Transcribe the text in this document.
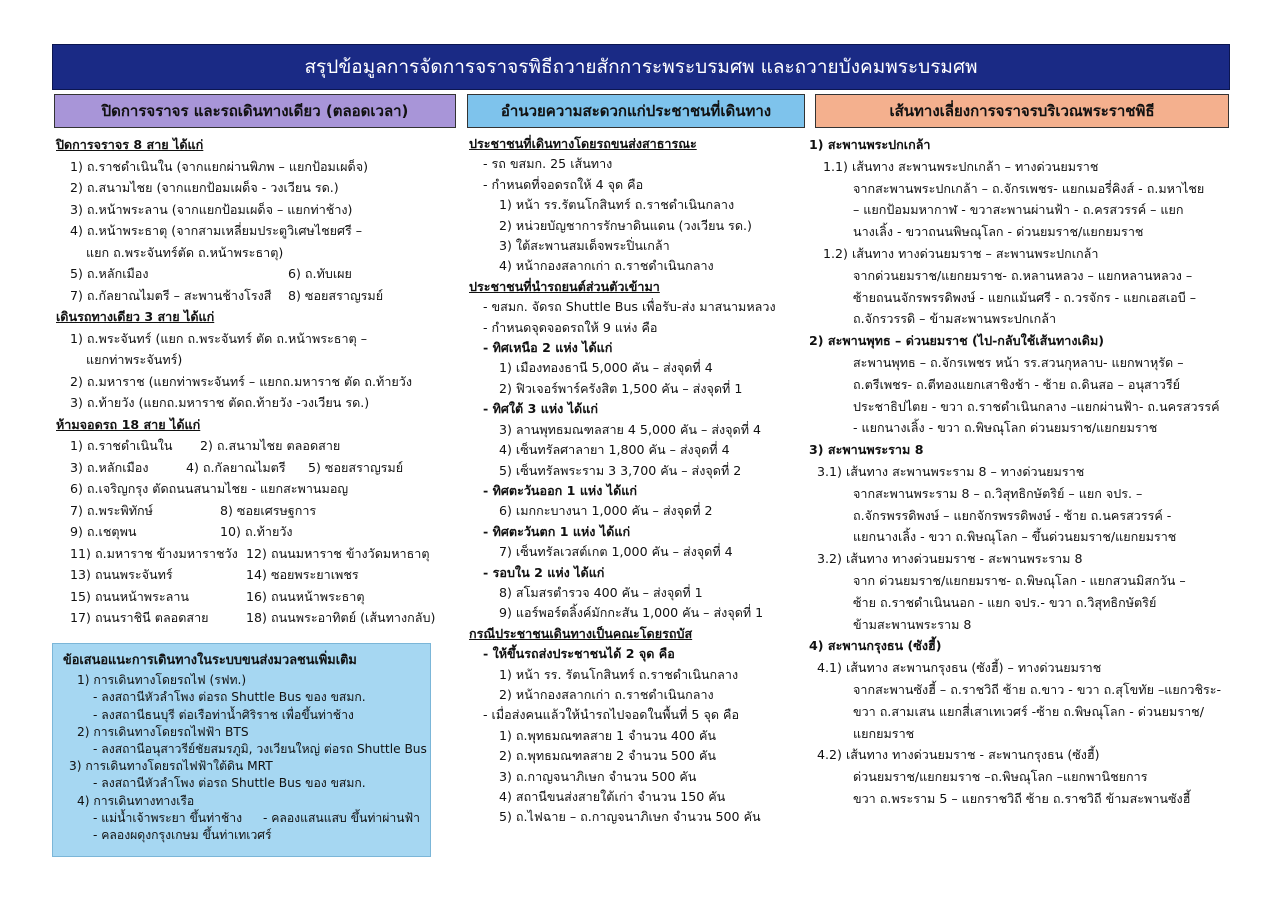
สรุปข้อมูลการจัดการจราจรพิธีถวายสักการะพระบรมศพ และถวายบังคมพระบรมศพ
ปิดการจราจร และรถเดินทางเดียว (ตลอดเวลา)	อำนวยความสะดวกแก่ประชาชนที่เดินทาง	เส้นทางเลี่ยงการจราจรบริเวณพระราชพิธี
ปิดการจราจร 8 สาย ได้แก่
1) ถ.ราชดำเนินใน (จากแยกผ่านพิภพ – แยกป้อมเผด็จ)
2) ถ.สนามไชย (จากแยกป้อมเผด็จ - วงเวียน รด.)
3) ถ.หน้าพระลาน (จากแยกป้อมเผด็จ – แยกท่าช้าง)
4) ถ.หน้าพระธาตุ (จากสามเหลี่ยมประตูวิเศษไชยศรี –
แยก ถ.พระจันทร์ตัด ถ.หน้าพระธาตุ)
5) ถ.หลักเมือง	6) ถ.ทับเผย
7) ถ.กัลยาณไมตรี – สะพานช้างโรงสี	8) ซอยสราญรมย์
เดินรถทางเดียว 3 สาย ได้แก่
1) ถ.พระจันทร์ (แยก ถ.พระจันทร์ ตัด ถ.หน้าพระธาตุ –
แยกท่าพระจันทร์)
2) ถ.มหาราช (แยกท่าพระจันทร์ – แยกถ.มหาราช ตัด ถ.ท้ายวัง
3) ถ.ท้ายวัง (แยกถ.มหาราช ตัดถ.ท้ายวัง -วงเวียน รด.)
ห้ามจอดรถ 18 สาย ได้แก่
1) ถ.ราชดำเนินใน	2) ถ.สนามไชย ตลอดสาย
3) ถ.หลักเมือง	4) ถ.กัลยาณไมตรี	5) ซอยสราญรมย์
6) ถ.เจริญกรุง ตัดถนนสนามไชย - แยกสะพานมอญ
7) ถ.พระพิทักษ์	8) ซอยเศรษฐการ
9) ถ.เชตุพน	10) ถ.ท้ายวัง
11) ถ.มหาราช ข้างมหาราชวัง 12) ถนนมหาราช ข้างวัดมหาธาตุ
13) ถนนพระจันทร์	14) ซอยพระยาเพชร
15) ถนนหน้าพระลาน	16) ถนนหน้าพระธาตุ
17) ถนนราชินี ตลอดสาย	18) ถนนพระอาทิตย์ (เส้นทางกลับ)
ข้อเสนอแนะการเดินทางในระบบขนส่งมวลชนเพิ่มเติม
1) การเดินทางโดยรถไฟ (รฟท.)
- ลงสถานีหัวลำโพง ต่อรถ Shuttle Bus ของ ขสมก.
- ลงสถานีธนบุรี ต่อเรือท่าน้ำศิริราช เพื่อขึ้นท่าช้าง
2) การเดินทางโดยรถไฟฟ้า BTS
- ลงสถานีอนุสาวรีย์ชัยสมรภูมิ, วงเวียนใหญ่ ต่อรถ Shuttle Bus
3) การเดินทางโดยรถไฟฟ้าใต้ดิน MRT
- ลงสถานีหัวลำโพง ต่อรถ Shuttle Bus ของ ขสมก.
4) การเดินทางทางเรือ
- แม่น้ำเจ้าพระยา ขึ้นท่าช้าง	- คลองแสนแสบ ขึ้นท่าผ่านฟ้า
- คลองผดุงกรุงเกษม ขึ้นท่าเทเวศร์
ประชาชนที่เดินทางโดยรถขนส่งสาธารณะ
- รถ ขสมก. 25 เส้นทาง
- กำหนดที่จอดรถให้ 4 จุด คือ
1) หน้า รร.รัตนโกสินทร์ ถ.ราชดำเนินกลาง
2) หน่วยบัญชาการรักษาดินแดน (วงเวียน รด.)
3) ใต้สะพานสมเด็จพระปิ่นเกล้า
4) หน้ากองสลากเก่า ถ.ราชดำเนินกลาง
ประชาชนที่นำรถยนต์ส่วนตัวเข้ามา
- ขสมก. จัดรถ Shuttle Bus เพื่อรับ-ส่ง มาสนามหลวง
- กำหนดจุดจอดรถให้ 9 แห่ง คือ
- ทิศเหนือ 2 แห่ง ได้แก่
1) เมืองทองธานี 5,000 คัน – ส่งจุดที่ 4
2) ฟิวเจอร์พาร์ครังสิต 1,500 คัน – ส่งจุดที่ 1
- ทิศใต้ 3 แห่ง ได้แก่
3) ลานพุทธมณฑลสาย 4 5,000 คัน – ส่งจุดที่ 4
4) เซ็นทรัลศาลายา 1,800 คัน – ส่งจุดที่ 4
5) เซ็นทรัลพระราม 3 3,700 คัน – ส่งจุดที่ 2
- ทิศตะวันออก 1 แห่ง ได้แก่
6) เมกกะบางนา 1,000 คัน – ส่งจุดที่ 2
- ทิศตะวันตก 1 แห่ง ได้แก่
7) เซ็นทรัลเวสต์เกต 1,000 คัน – ส่งจุดที่ 4
- รอบใน 2 แห่ง ได้แก่
8) สโมสรตำรวจ 400 คัน – ส่งจุดที่ 1
9) แอร์พอร์ตลิ้งค์มักกะสัน 1,000 คัน – ส่งจุดที่ 1
กรณีประชาชนเดินทางเป็นคณะโดยรถบัส
- ให้ขึ้นรถส่งประชาชนได้ 2 จุด คือ
1) หน้า รร. รัตนโกสินทร์ ถ.ราชดำเนินกลาง
2) หน้ากองสลากเก่า ถ.ราชดำเนินกลาง
- เมื่อส่งคนแล้วให้นำรถไปจอดในพื้นที่ 5 จุด คือ
1) ถ.พุทธมณฑลสาย 1 จำนวน 400 คัน
2) ถ.พุทธมณฑลสาย 2 จำนวน 500 คัน
3) ถ.กาญจนาภิเษก จำนวน 500 คัน
4) สถานีขนส่งสายใต้เก่า จำนวน 150 คัน
5) ถ.ไฟฉาย – ถ.กาญจนาภิเษก จำนวน 500 คัน
1) สะพานพระปกเกล้า
1.1) เส้นทาง สะพานพระปกเกล้า – ทางด่วนยมราช
จากสะพานพระปกเกล้า – ถ.จักรเพชร- แยกเมอรี่คิงส์ - ถ.มหาไชย
– แยกป้อมมหากาฬ - ขวาสะพานผ่านฟ้า - ถ.ครสวรรค์ – แยก
นางเลิ้ง - ขวาถนนพิษณุโลก - ด่วนยมราช/แยกยมราช
1.2) เส้นทาง ทางด่วนยมราช – สะพานพระปกเกล้า
จากด่วนยมราช/แยกยมราช- ถ.หลานหลวง – แยกหลานหลวง –
ซ้ายถนนจักรพรรดิพงษ์ - แยกแม้นศรี - ถ.วรจักร - แยกเอสเอบี –
ถ.จักรวรรดิ – ข้ามสะพานพระปกเกล้า
2) สะพานพุทธ – ด่วนยมราช (ไป-กลับใช้เส้นทางเดิม)
สะพานพุทธ – ถ.จักรเพชร หน้า รร.สวนกุหลาบ- แยกพาหุรัด –
ถ.ตรีเพชร- ถ.ตีทองแยกเสาชิงช้า - ซ้าย ถ.ดินสอ – อนุสาวรีย์
ประชาธิปไตย - ขวา ถ.ราชดำเนินกลาง –แยกผ่านฟ้า- ถ.นครสวรรค์
- แยกนางเลิ้ง - ขวา ถ.พิษณุโลก ด่วนยมราช/แยกยมราช
3) สะพานพระราม 8
3.1) เส้นทาง สะพานพระราม 8 – ทางด่วนยมราช
จากสะพานพระราม 8 – ถ.วิสุทธิกษัตริย์ – แยก จปร. –
ถ.จักรพรรดิพงษ์ – แยกจักรพรรดิพงษ์ - ซ้าย ถ.นครสวรรค์ -
แยกนางเลิ้ง - ขวา ถ.พิษณุโลก – ขึ้นด่วนยมราช/แยกยมราช
3.2) เส้นทาง ทางด่วนยมราช - สะพานพระราม 8
จาก ด่วนยมราช/แยกยมราช- ถ.พิษณุโลก - แยกสวนมิสกวัน –
ซ้าย ถ.ราชดำเนินนอก - แยก จปร.- ขวา ถ.วิสุทธิกษัตริย์
ข้ามสะพานพระราม 8
4) สะพานกรุงธน (ซังฮี้)
4.1) เส้นทาง สะพานกรุงธน (ซังฮี้) – ทางด่วนยมราช
จากสะพานซังฮี้ – ถ.ราชวิถี ซ้าย ถ.ขาว - ขวา ถ.สุโขทัย –แยกวชิระ-
ขวา ถ.สามเสน แยกสี่เสาเทเวศร์ -ซ้าย ถ.พิษณุโลก - ด่วนยมราช/
แยกยมราช
4.2) เส้นทาง ทางด่วนยมราช - สะพานกรุงธน (ซังฮี้)
ด่วนยมราช/แยกยมราช –ถ.พิษณุโลก –แยกพานิชยการ
ขวา ถ.พระราม 5 – แยกราชวิถี ซ้าย ถ.ราชวิถี ข้ามสะพานซังฮี้
